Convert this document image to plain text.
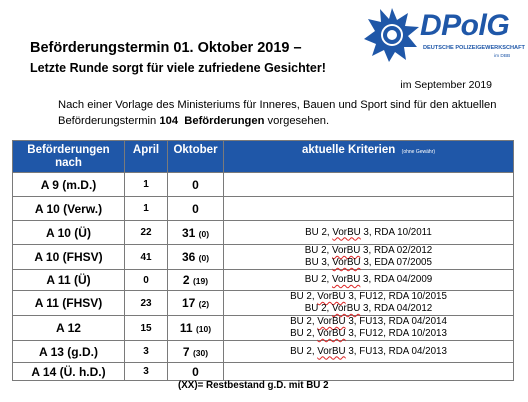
DPolG
DEUTSCHE POLIZEIGEWERKSCHAFT
im DBB
Beförderungstermin 01. Oktober 2019 –
Letzte Runde sorgt für viele zufriedene Gesichter!
im September 2019
Nach einer Vorlage des Ministeriums für Inneres, Bauen und Sport sind für den aktuellen Beförderungstermin 104 Beförderungen vorgesehen.
Beförderungen nach	April	Oktober	aktuelle Kriterien (ohne Gewähr)
A 9 (m.D.)	1	0	
A 10 (Verw.)	1	0	
A 10 (Ü)	22	31 (0)	BU 2, VorBU 3, RDA 10/2011

A 10 (FHSV)	41	36 (0)	BU 2, VorBU 3, RDA 02/2012
BU 3, VorBU 3, EDA 07/2005

A 11 (Ü)	0	2 (19)	BU 2, VorBU 3, RDA 04/2009

A 11 (FHSV)	23	17 (2)	BU 2, VorBU 3, FU12, RDA 10/2015
BU 2, VorBU 3, RDA 04/2012

A 12	15	11 (10)	BU 2, VorBU 3, FU13, RDA 04/2014
BU 2, VorBU 3, FU12, RDA 10/2013

A 13 (g.D.)	3	7 (30)	BU 2, VorBU 3, FU13, RDA 04/2013

A 14 (Ü. h.D.)	3	0	
(XX)= Restbestand g.D. mit BU 2
